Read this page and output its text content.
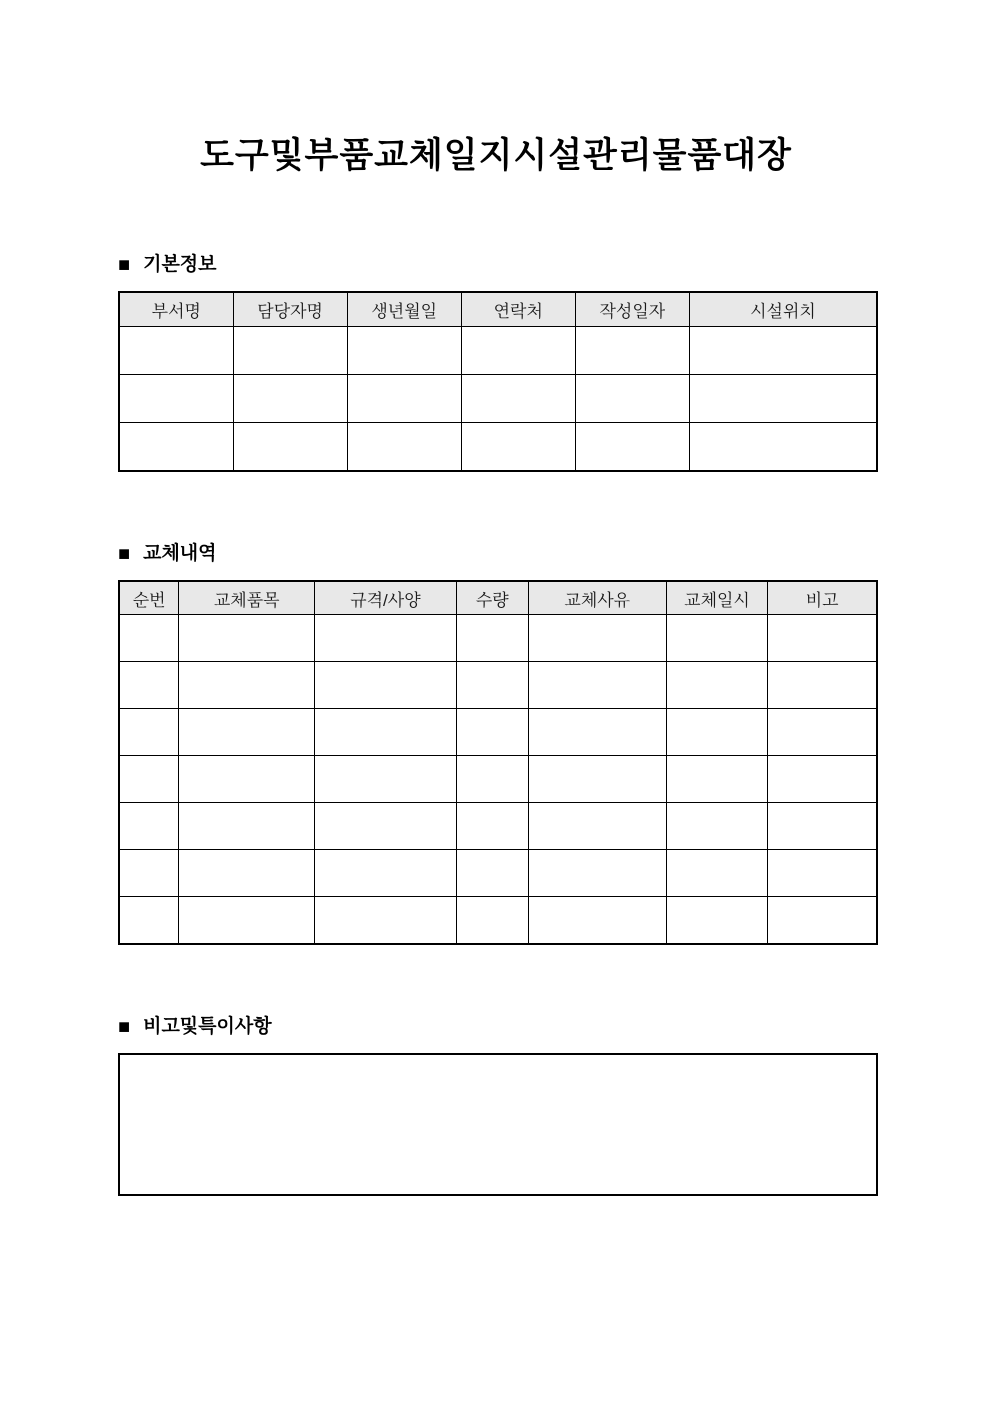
도구및부품교체일지시설관리물품대장
■ 기본정보
부서명	담당자명	생년월일	연락처	작성일자	시설위치

■ 교체내역
순번	교체품목	규격/사양	수량	교체사유	교체일시	비고

■ 비고및특이사항
